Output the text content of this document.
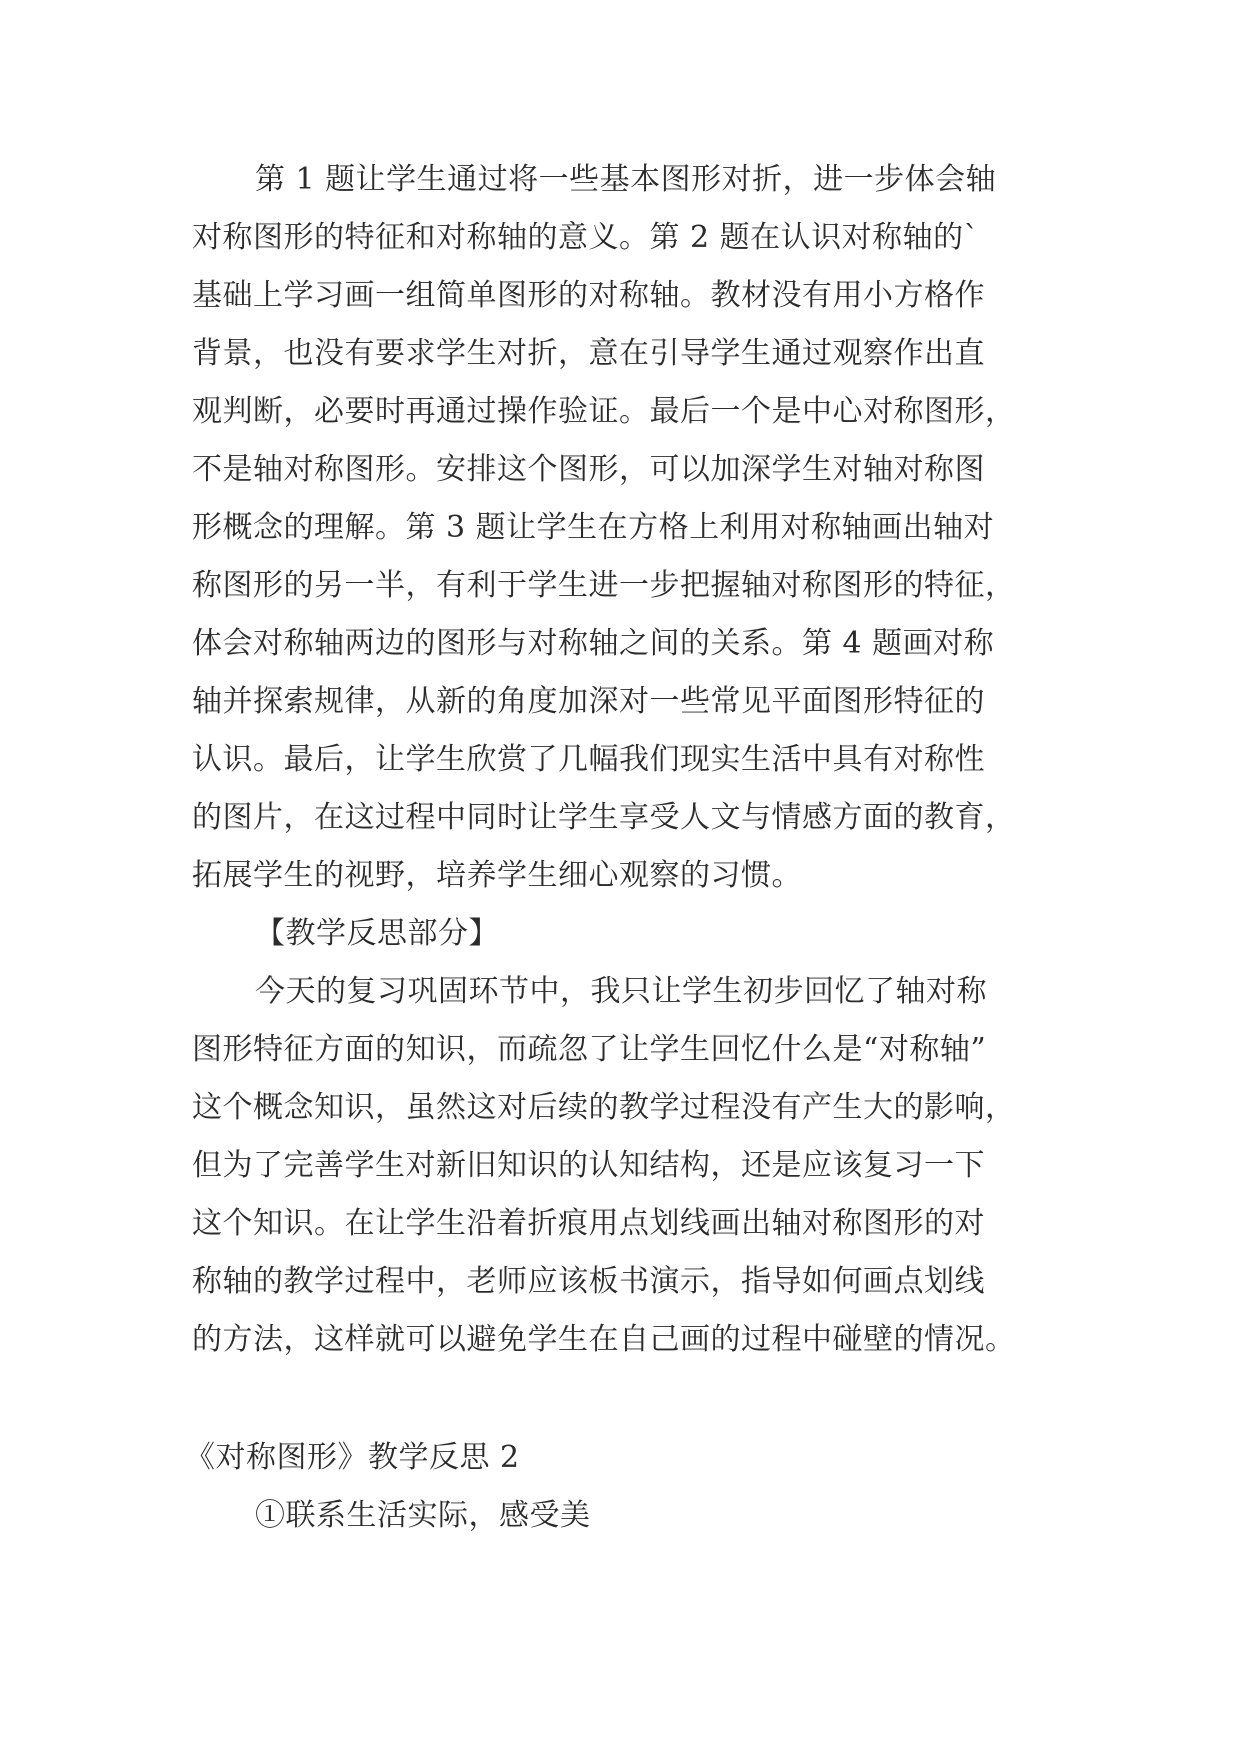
第 1 题让学生通过将一些基本图形对折，进一步体会轴
对称图形的特征和对称轴的意义。第 2 题在认识对称轴的`
基础上学习画一组简单图形的对称轴。教材没有用小方格作
背景，也没有要求学生对折，意在引导学生通过观察作出直
观判断，必要时再通过操作验证。最后一个是中心对称图形，
不是轴对称图形。安排这个图形，可以加深学生对轴对称图
形概念的理解。第 3 题让学生在方格上利用对称轴画出轴对
称图形的另一半，有利于学生进一步把握轴对称图形的特征，
体会对称轴两边的图形与对称轴之间的关系。第 4 题画对称
轴并探索规律，从新的角度加深对一些常见平面图形特征的
认识。最后，让学生欣赏了几幅我们现实生活中具有对称性
的图片，在这过程中同时让学生享受人文与情感方面的教育，
拓展学生的视野，培养学生细心观察的习惯。
【教学反思部分】
今天的复习巩固环节中，我只让学生初步回忆了轴对称
图形特征方面的知识，而疏忽了让学生回忆什么是“对称轴”
这个概念知识，虽然这对后续的教学过程没有产生大的影响，
但为了完善学生对新旧知识的认知结构，还是应该复习一下
这个知识。在让学生沿着折痕用点划线画出轴对称图形的对
称轴的教学过程中，老师应该板书演示，指导如何画点划线
的方法，这样就可以避免学生在自己画的过程中碰壁的情况。
《对称图形》教学反思 2
①联系生活实际，感受美
